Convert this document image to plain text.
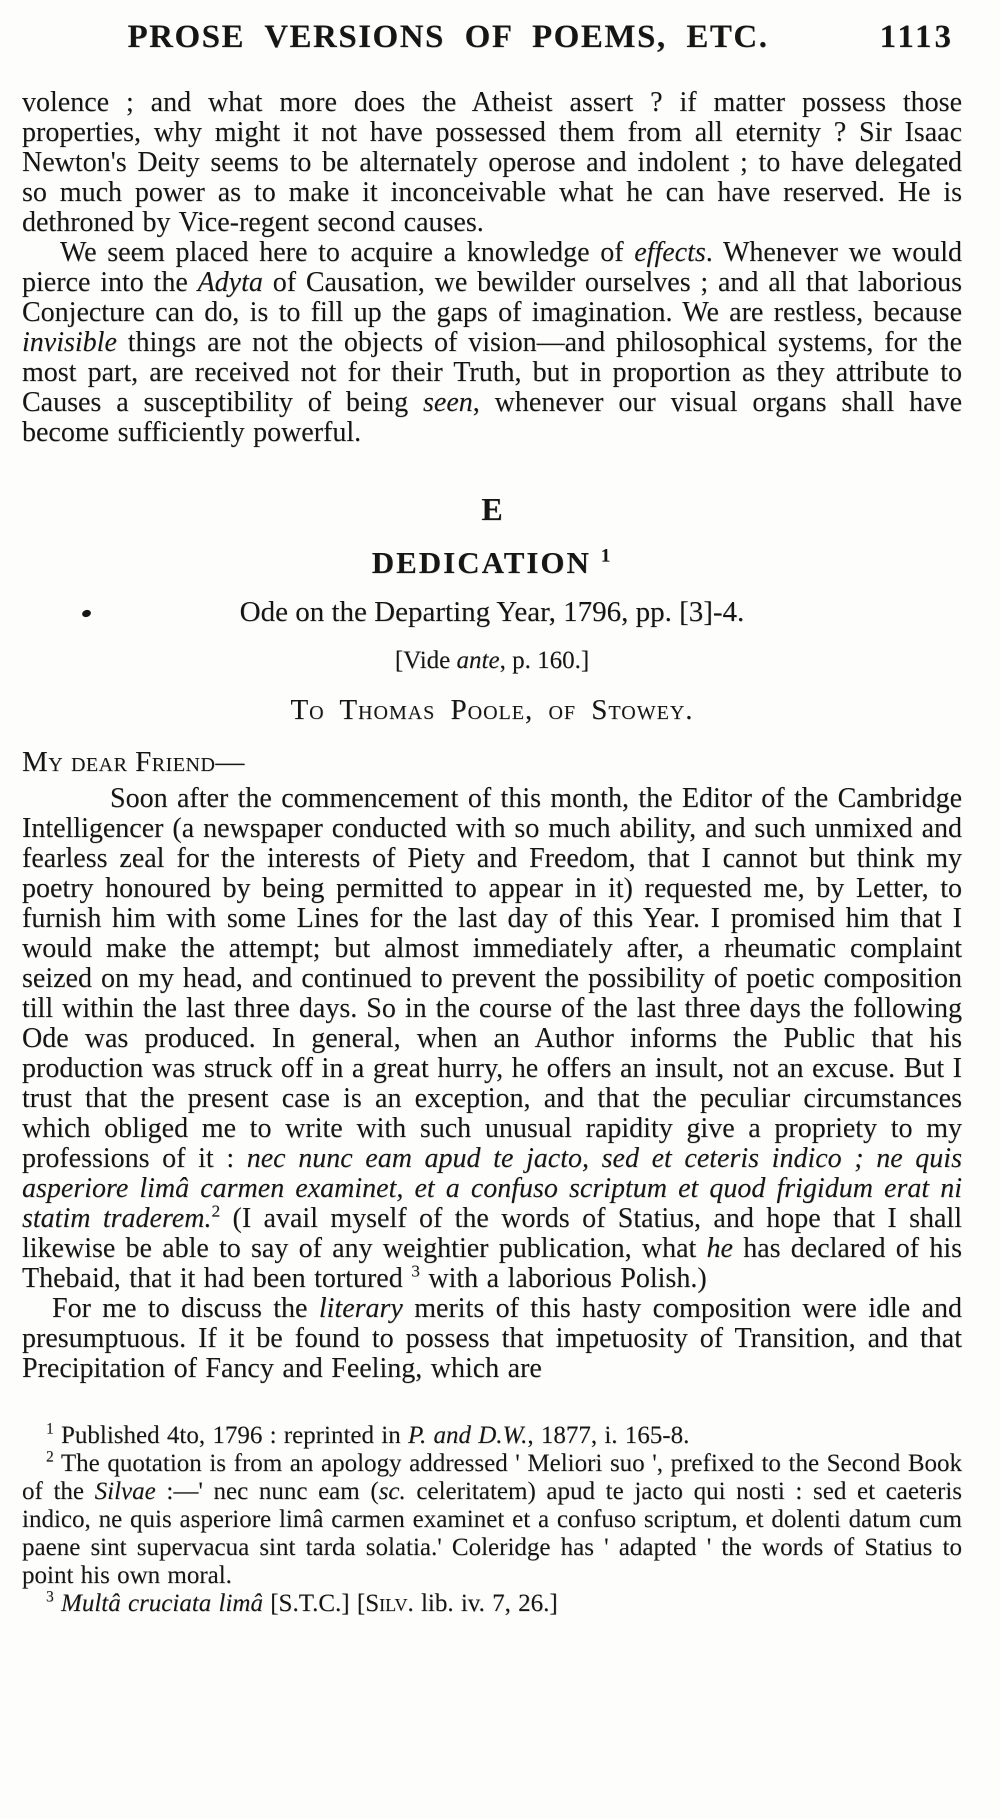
PROSE VERSIONS OF POEMS, ETC.	1113

volence ; and what more does the Atheist assert ? if matter possess those properties, why might it not have possessed them from all eternity ? Sir Isaac Newton's Deity seems to be alternately operose and indolent ; to have delegated so much power as to make it inconceivable what he can have reserved. He is dethroned by Vice-regent second causes.

We seem placed here to acquire a knowledge of effects. Whenever we would pierce into the Adyta of Causation, we bewilder ourselves ; and all that laborious Conjecture can do, is to fill up the gaps of imagination. We are restless, because invisible things are not the objects of vision—and philosophical systems, for the most part, are received not for their Truth, but in proportion as they attribute to Causes a susceptibility of being seen, whenever our visual organs shall have become sufficiently powerful.

E
DEDICATION $^1$
Ode on the Departing Year, 1796, pp. [3]-4.
[Vide ante, p. 160.]
To Thomas Poole, of Stowey.
My dear Friend—

Soon after the commencement of this month, the Editor of the Cambridge Intelligencer (a newspaper conducted with so much ability, and such unmixed and fearless zeal for the interests of Piety and Freedom, that I cannot but think my poetry honoured by being permitted to appear in it) requested me, by Letter, to furnish him with some Lines for the last day of this Year. I promised him that I would make the attempt; but almost immediately after, a rheumatic complaint seized on my head, and continued to prevent the possibility of poetic composition till within the last three days. So in the course of the last three days the following Ode was produced. In general, when an Author informs the Public that his production was struck off in a great hurry, he offers an insult, not an excuse. But I trust that the present case is an exception, and that the peculiar circumstances which obliged me to write with such unusual rapidity give a propriety to my professions of it : nec nunc eam apud te jacto, sed et ceteris indico ; ne quis asperiore limâ carmen examinet, et a confuso scriptum et quod frigidum erat ni statim traderem.$^2$ (I avail myself of the words of Statius, and hope that I shall likewise be able to say of any weightier publication, what he has declared of his Thebaid, that it had been tortured $^3$ with a laborious Polish.)

For me to discuss the literary merits of this hasty composition were idle and presumptuous. If it be found to possess that impetuosity of Transition, and that Precipitation of Fancy and Feeling, which are

$^1$ Published 4to, 1796 : reprinted in P. and D.W., 1877, i. 165-8.

$^2$ The quotation is from an apology addressed ' Meliori suo ', prefixed to the Second Book of the Silvae :—' nec nunc eam (sc. celeritatem) apud te jacto qui nosti : sed et caeteris indico, ne quis asperiore limâ carmen examinet et a confuso scriptum, et dolenti datum cum paene sint supervacua sint tarda solatia.' Coleridge has ' adapted ' the words of Statius to point his own moral.

$^3$ Multâ cruciata limâ [S.T.C.] [Silv. lib. iv. 7, 26.]
